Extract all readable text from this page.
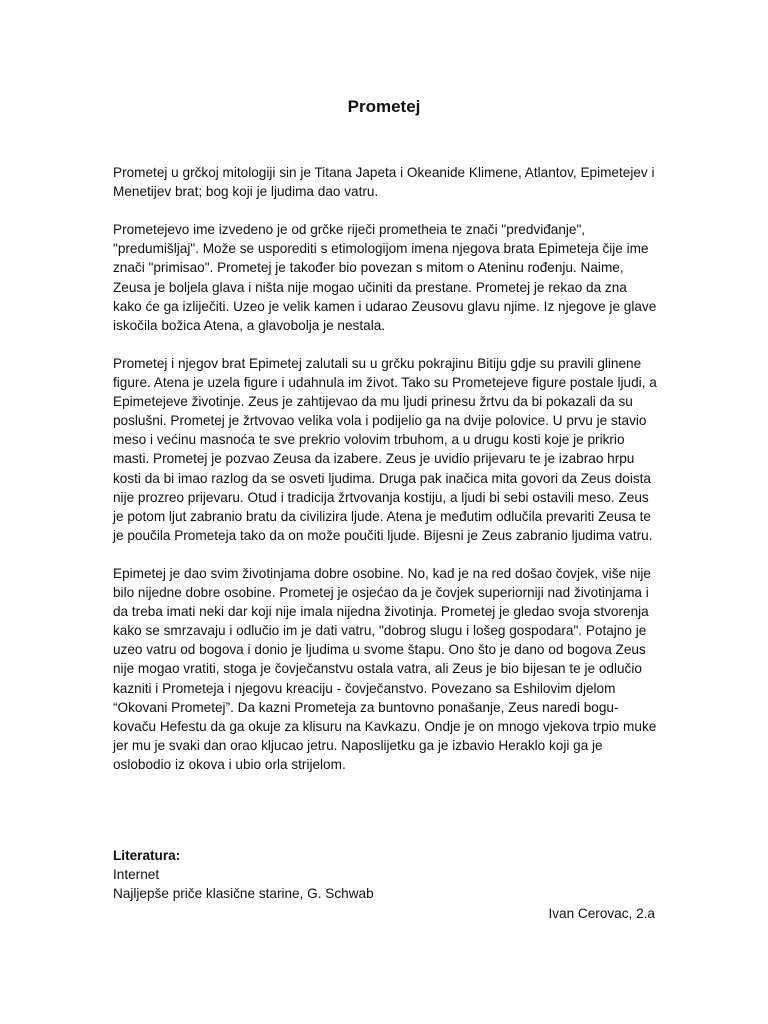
Prometej

Prometej u grčkoj mitologiji sin je Titana Japeta i Okeanide Klimene, Atlantov, Epimetejev i Menetijev brat; bog koji je ljudima dao vatru.

Prometejevo ime izvedeno je od grčke riječi prometheia te znači "predviđanje", "predumišljaj". Može se usporediti s etimologijom imena njegova brata Epimeteja čije ime znači "primisao". Prometej je također bio povezan s mitom o Ateninu rođenju. Naime, Zeusa je boljela glava i ništa nije mogao učiniti da prestane. Prometej je rekao da zna kako će ga izliječiti. Uzeo je velik kamen i udarao Zeusovu glavu njime. Iz njegove je glave iskočila božica Atena, a glavobolja je nestala.

Prometej i njegov brat Epimetej zalutali su u grčku pokrajinu Bitiju gdje su pravili glinene figure. Atena je uzela figure i udahnula im život. Tako su Prometejeve figure postale ljudi, a Epimetejeve životinje. Zeus je zahtijevao da mu ljudi prinesu žrtvu da bi pokazali da su poslušni. Prometej je žrtvovao velika vola i podijelio ga na dvije polovice. U prvu je stavio meso i većinu masnoća te sve prekrio volovim trbuhom, a u drugu kosti koje je prikrio masti. Prometej je pozvao Zeusa da izabere. Zeus je uvidio prijevaru te je izabrao hrpu kosti da bi imao razlog da se osveti ljudima. Druga pak inačica mita govori da Zeus doista nije prozreo prijevaru. Otud i tradicija žrtvovanja kostiju, a ljudi bi sebi ostavili meso. Zeus je potom ljut zabranio bratu da civilizira ljude. Atena je međutim odlučila prevariti Zeusa te je poučila Prometeja tako da on može poučiti ljude. Bijesni je Zeus zabranio ljudima vatru.

Epimetej je dao svim životinjama dobre osobine. No, kad je na red došao čovjek, više nije bilo nijedne dobre osobine. Prometej je osjećao da je čovjek superiorniji nad životinjama i da treba imati neki dar koji nije imala nijedna životinja. Prometej je gledao svoja stvorenja kako se smrzavaju i odlučio im je dati vatru, "dobrog slugu i lošeg gospodara". Potajno je uzeo vatru od bogova i donio je ljudima u svome štapu. Ono što je dano od bogova Zeus nije mogao vratiti, stoga je čovječanstvu ostala vatra, ali Zeus je bio bijesan te je odlučio kazniti i Prometeja i njegovu kreaciju - čovječanstvo. Povezano sa Eshilovim djelom “Okovani Prometej”. Da kazni Prometeja za buntovno ponašanje, Zeus naredi bogu-kovaču Hefestu da ga okuje za klisuru na Kavkazu. Ondje je on mnogo vjekova trpio muke jer mu je svaki dan orao kljucao jetru. Naposlijetku ga je izbavio Heraklo koji ga je oslobodio iz okova i ubio orla strijelom.

Literatura:
Internet
Najljepše priče klasične starine, G. Schwab
Ivan Cerovac, 2.a
